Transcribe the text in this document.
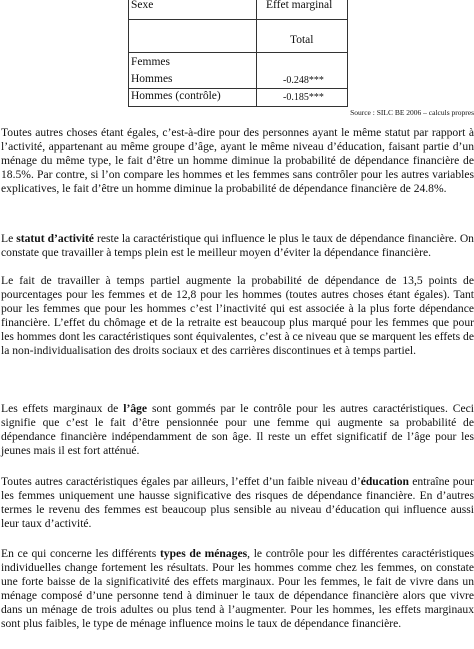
Sexe	Effet marginal
Total
Femmes
Hommes	-0.248***
Hommes (contrôle)	-0.185***
Source : SILC BE 2006 – calculs propres

Toutes autres choses étant égales, c’est-à-dire pour des personnes ayant le même statut par rapport à l’activité, appartenant au même groupe d’âge, ayant le même niveau d’éducation, faisant partie d’un ménage du même type, le fait d’être un homme diminue la probabilité de dépendance financière de 18.5%. Par contre, si l’on compare les hommes et les femmes sans contrôler pour les autres variables explicatives, le fait d’être un homme diminue la probabilité de dépendance financière de 24.8%.

Le statut d’activité reste la caractéristique qui influence le plus le taux de dépendance financière. On constate que travailler à temps plein est le meilleur moyen d’éviter la dépendance financière.

Le fait de travailler à temps partiel augmente la probabilité de dépendance de 13,5 points de pourcentages pour les femmes et de 12,8 pour les hommes (toutes autres choses étant égales). Tant pour les femmes que pour les hommes c’est l’inactivité qui est associée à la plus forte dépendance financière. L’effet du chômage et de la retraite est beaucoup plus marqué pour les femmes que pour les hommes dont les caractéristiques sont équivalentes, c’est à ce niveau que se marquent les effets de la non-individualisation des droits sociaux et des carrières discontinues et à temps partiel.

Les effets marginaux de l’âge sont gommés par le contrôle pour les autres caractéristiques. Ceci signifie que c’est le fait d’être pensionnée pour une femme qui augmente sa probabilité de dépendance financière indépendamment de son âge. Il reste un effet significatif de l’âge pour les jeunes mais il est fort atténué.

Toutes autres caractéristiques égales par ailleurs, l’effet d’un faible niveau d’éducation entraîne pour les femmes uniquement une hausse significative des risques de dépendance financière. En d’autres termes le revenu des femmes est beaucoup plus sensible au niveau d’éducation qui influence aussi leur taux d’activité.

En ce qui concerne les différents types de ménages, le contrôle pour les différentes caractéristiques individuelles change fortement les résultats. Pour les hommes comme chez les femmes, on constate une forte baisse de la significativité des effets marginaux. Pour les femmes, le fait de vivre dans un ménage composé d’une personne tend à diminuer le taux de dépendance financière alors que vivre dans un ménage de trois adultes ou plus tend à l’augmenter. Pour les hommes, les effets marginaux sont plus faibles, le type de ménage influence moins le taux de dépendance financière.
